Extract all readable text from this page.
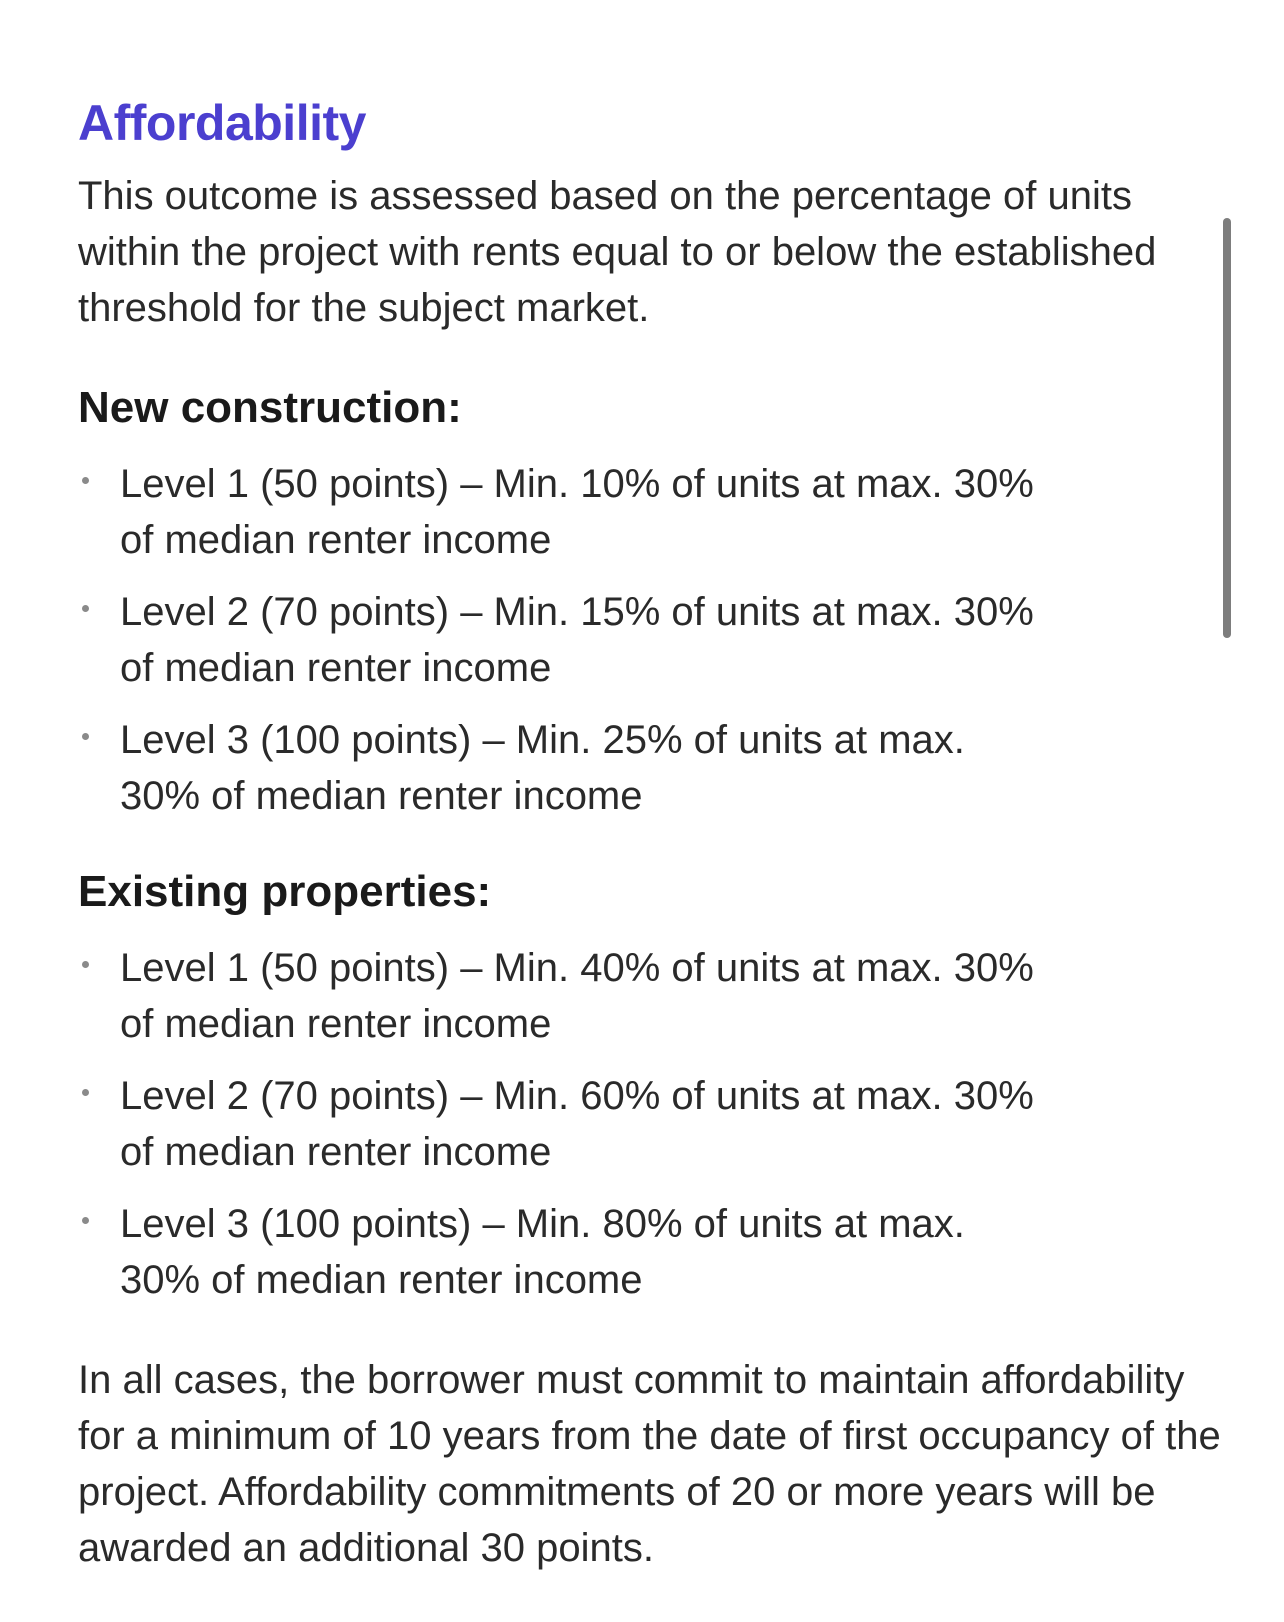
Affordability

This outcome is assessed based on the percentage of units within the project with rents equal to or below the established threshold for the subject market.

New construction:
Level 1 (50 points) – Min. 10% of units at max. 30% of median renter income
Level 2 (70 points) – Min. 15% of units at max. 30% of median renter income
Level 3 (100 points) – Min. 25% of units at max. 30% of median renter income
Existing properties:
Level 1 (50 points) – Min. 40% of units at max. 30% of median renter income
Level 2 (70 points) – Min. 60% of units at max. 30% of median renter income
Level 3 (100 points) – Min. 80% of units at max. 30% of median renter income

In all cases, the borrower must commit to maintain affordability for a minimum of 10 years from the date of first occupancy of the project. Affordability commitments of 20 or more years will be awarded an additional 30 points.
